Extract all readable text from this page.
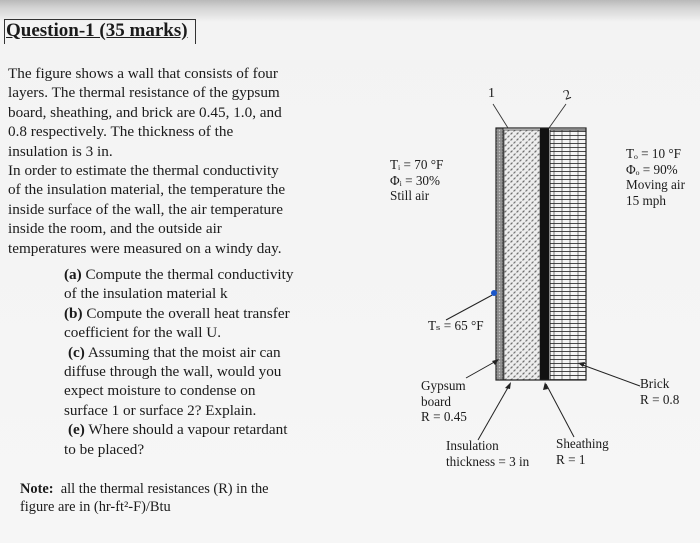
Question-1 (35 marks)

The figure shows a wall that consists of four

layers. The thermal resistance of the gypsum

board, sheathing, and brick are 0.45, 1.0, and

0.8 respectively. The thickness of the

insulation is 3 in.

In order to estimate the thermal conductivity

of the insulation material, the temperature the

inside surface of the wall, the air temperature

inside the room, and the outside air

temperatures were measured on a windy day.

(a) Compute the thermal conductivity

of the insulation material k

(b) Compute the overall heat transfer

coefficient for the wall U.

(c) Assuming that the moist air can

diffuse through the wall, would you

expect moisture to condense on

surface 1 or surface 2? Explain.

(e) Where should a vapour retardant

to be placed?

Note: all the thermal resistances (R) in the
figure are in (hr-ft²-F)/Btu
1	2
Tᵢ = 70 °F
Φᵢ = 30%
Still air
Tₒ = 10 °F
Φₒ = 90%
Moving air
15 mph
Tₛ = 65 °F
Gypsum
board
R = 0.45
Insulation
thickness = 3 in
Sheathing
R = 1
Brick
R = 0.8
